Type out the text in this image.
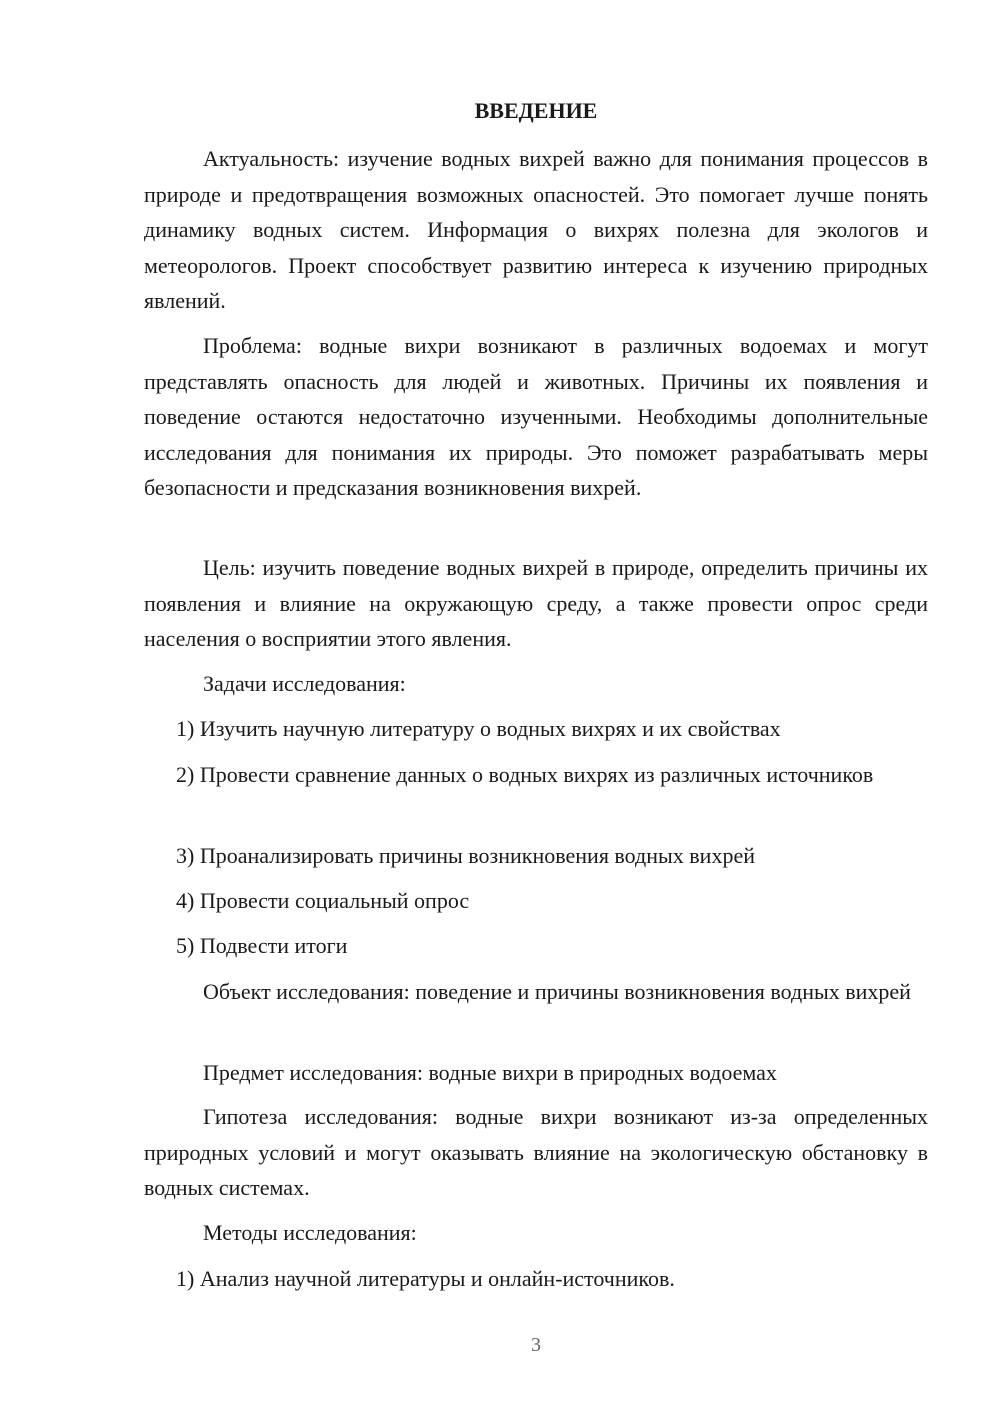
ВВЕДЕНИЕ

Актуальность: изучение водных вихрей важно для понимания процессов в природе и предотвращения возможных опасностей. Это помогает лучше понять динамику водных систем. Информация о вихрях полезна для экологов и метеорологов. Проект способствует развитию интереса к изучению природных явлений.

Проблема: водные вихри возникают в различных водоемах и могут представлять опасность для людей и животных. Причины их появления и поведение остаются недостаточно изученными. Необходимы дополнительные исследования для понимания их природы. Это поможет разрабатывать меры безопасности и предсказания возникновения вихрей.

Цель: изучить поведение водных вихрей в природе, определить причины их появления и влияние на окружающую среду, а также провести опрос среди населения о восприятии этого явления.

Задачи исследования:

1) Изучить научную литературу о водных вихрях и их свойствах

2) Провести сравнение данных о водных вихрях из различных источников

3) Проанализировать причины возникновения водных вихрей

4) Провести социальный опрос

5) Подвести итоги

Объект исследования: поведение и причины возникновения водных вихрей

Предмет исследования: водные вихри в природных водоемах

Гипотеза исследования: водные вихри возникают из-за определенных природных условий и могут оказывать влияние на экологическую обстановку в водных системах.

Методы исследования:

1) Анализ научной литературы и онлайн-источников.

3
